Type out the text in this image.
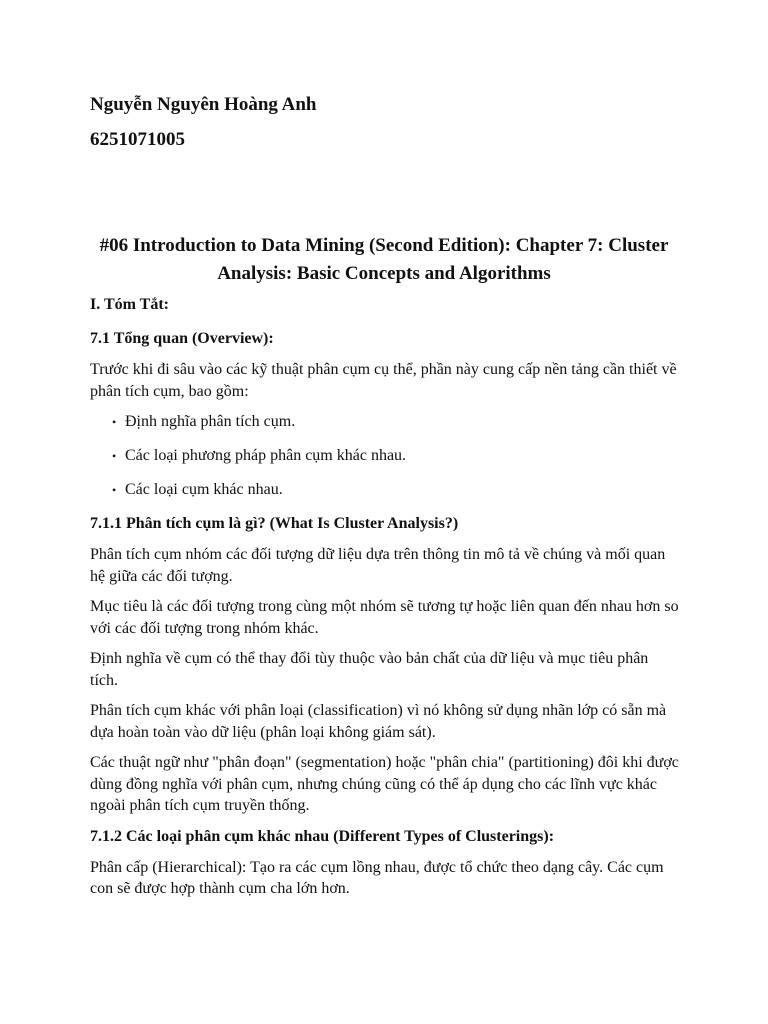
Nguyễn Nguyên Hoàng Anh
6251071005
#06 Introduction to Data Mining (Second Edition): Chapter 7: Cluster Analysis: Basic Concepts and Algorithms
I. Tóm Tắt:
7.1 Tổng quan (Overview):

Trước khi đi sâu vào các kỹ thuật phân cụm cụ thể, phần này cung cấp nền tảng cần thiết về phân tích cụm, bao gồm:

• Định nghĩa phân tích cụm.
• Các loại phương pháp phân cụm khác nhau.
• Các loại cụm khác nhau.
7.1.1 Phân tích cụm là gì? (What Is Cluster Analysis?)

Phân tích cụm nhóm các đối tượng dữ liệu dựa trên thông tin mô tả về chúng và mối quan hệ giữa các đối tượng.

Mục tiêu là các đối tượng trong cùng một nhóm sẽ tương tự hoặc liên quan đến nhau hơn so với các đối tượng trong nhóm khác.

Định nghĩa về cụm có thể thay đổi tùy thuộc vào bản chất của dữ liệu và mục tiêu phân tích.

Phân tích cụm khác với phân loại (classification) vì nó không sử dụng nhãn lớp có sẵn mà dựa hoàn toàn vào dữ liệu (phân loại không giám sát).

Các thuật ngữ như "phân đoạn" (segmentation) hoặc "phân chia" (partitioning) đôi khi được dùng đồng nghĩa với phân cụm, nhưng chúng cũng có thể áp dụng cho các lĩnh vực khác ngoài phân tích cụm truyền thống.

7.1.2 Các loại phân cụm khác nhau (Different Types of Clusterings):

Phân cấp (Hierarchical): Tạo ra các cụm lồng nhau, được tổ chức theo dạng cây. Các cụm con sẽ được hợp thành cụm cha lớn hơn.
